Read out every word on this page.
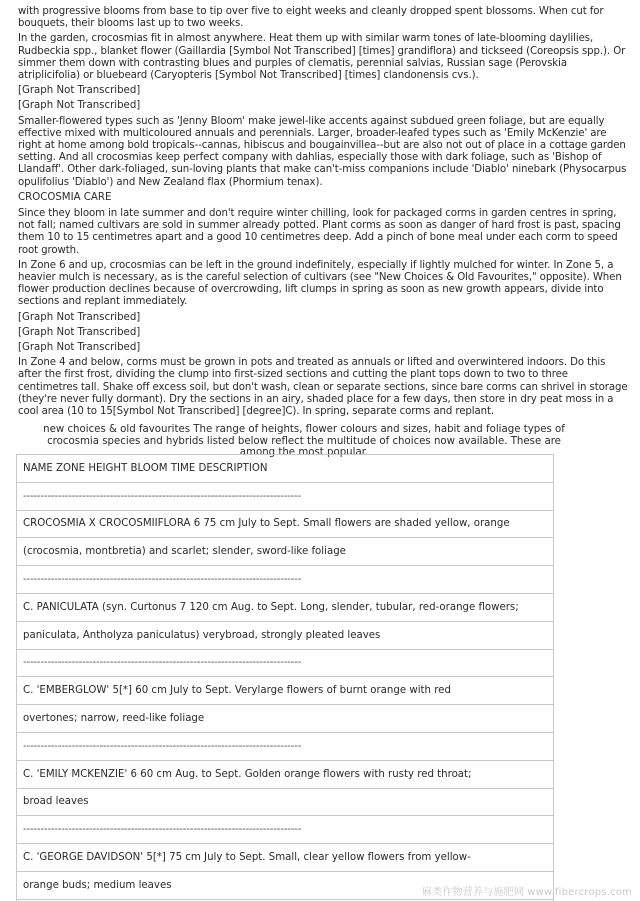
with progressive blooms from base to tip over five to eight weeks and cleanly dropped spent blossoms. When cut for bouquets, their blooms last up to two weeks.

In the garden, crocosmias fit in almost anywhere. Heat them up with similar warm tones of late-blooming daylilies, Rudbeckia spp., blanket flower (Gaillardia [Symbol Not Transcribed] [times] grandiflora) and tickseed (Coreopsis spp.). Or simmer them down with contrasting blues and purples of clematis, perennial salvias, Russian sage (Perovskia atriplicifolia) or bluebeard (Caryopteris [Symbol Not Transcribed] [times] clandonensis cvs.).

[Graph Not Transcribed]

[Graph Not Transcribed]

Smaller-flowered types such as 'Jenny Bloom' make jewel-like accents against subdued green foliage, but are equally effective mixed with multicoloured annuals and perennials. Larger, broader-leafed types such as 'Emily McKenzie' are right at home among bold tropicals--cannas, hibiscus and bougainvillea--but are also not out of place in a cottage garden setting. And all crocosmias keep perfect company with dahlias, especially those with dark foliage, such as 'Bishop of Llandaff'. Other dark-foliaged, sun-loving plants that make can't-miss companions include 'Diablo' ninebark (Physocarpus opulifolius 'Diablo') and New Zealand flax (Phormium tenax).

CROCOSMIA CARE

Since they bloom in late summer and don't require winter chilling, look for packaged corms in garden centres in spring, not fall; named cultivars are sold in summer already potted. Plant corms as soon as danger of hard frost is past, spacing them 10 to 15 centimetres apart and a good 10 centimetres deep. Add a pinch of bone meal under each corm to speed root growth.

In Zone 6 and up, crocosmias can be left in the ground indefinitely, especially if lightly mulched for winter. In Zone 5, a heavier mulch is necessary, as is the careful selection of cultivars (see "New Choices & Old Favourites," opposite). When flower production declines because of overcrowding, lift clumps in spring as soon as new growth appears, divide into sections and replant immediately.

[Graph Not Transcribed]

[Graph Not Transcribed]

[Graph Not Transcribed]

In Zone 4 and below, corms must be grown in pots and treated as annuals or lifted and overwintered indoors. Do this after the first frost, dividing the clump into first-sized sections and cutting the plant tops down to two to three centimetres tall. Shake off excess soil, but don't wash, clean or separate sections, since bare corms can shrivel in storage (they're never fully dormant). Dry the sections in an airy, shaded place for a few days, then store in dry peat moss in a cool area (10 to 15[Symbol Not Transcribed] [degree]C). In spring, separate corms and replant.

new choices & old favourites The range of heights, flower colours and sizes, habit and foliage types of crocosmia species and hybrids listed below reflect the multitude of choices now available. These are among the most popular.

NAME ZONE HEIGHT BLOOM TIME DESCRIPTION
--------------------------------------------------------------------------------
CROCOSMIA X CROCOSMIIFLORA 6 75 cm July to Sept. Small flowers are shaded yellow, orange
(crocosmia, montbretia) and scarlet; slender, sword-like foliage
--------------------------------------------------------------------------------
C. PANICULATA (syn. Curtonus 7 120 cm Aug. to Sept. Long, slender, tubular, red-orange flowers;
paniculata, Antholyza paniculatus) verybroad, strongly pleated leaves
--------------------------------------------------------------------------------
C. 'EMBERGLOW' 5[*] 60 cm July to Sept. Verylarge flowers of burnt orange with red
overtones; narrow, reed-like foliage
--------------------------------------------------------------------------------
C. 'EMILY MCKENZIE' 6 60 cm Aug. to Sept. Golden orange flowers with rusty red throat;
broad leaves
--------------------------------------------------------------------------------
C. 'GEORGE DAVIDSON' 5[*] 75 cm July to Sept. Small, clear yellow flowers from yellow-
orange buds; medium leaves
麻类作物营养与施肥网 www.fibercrops.com
